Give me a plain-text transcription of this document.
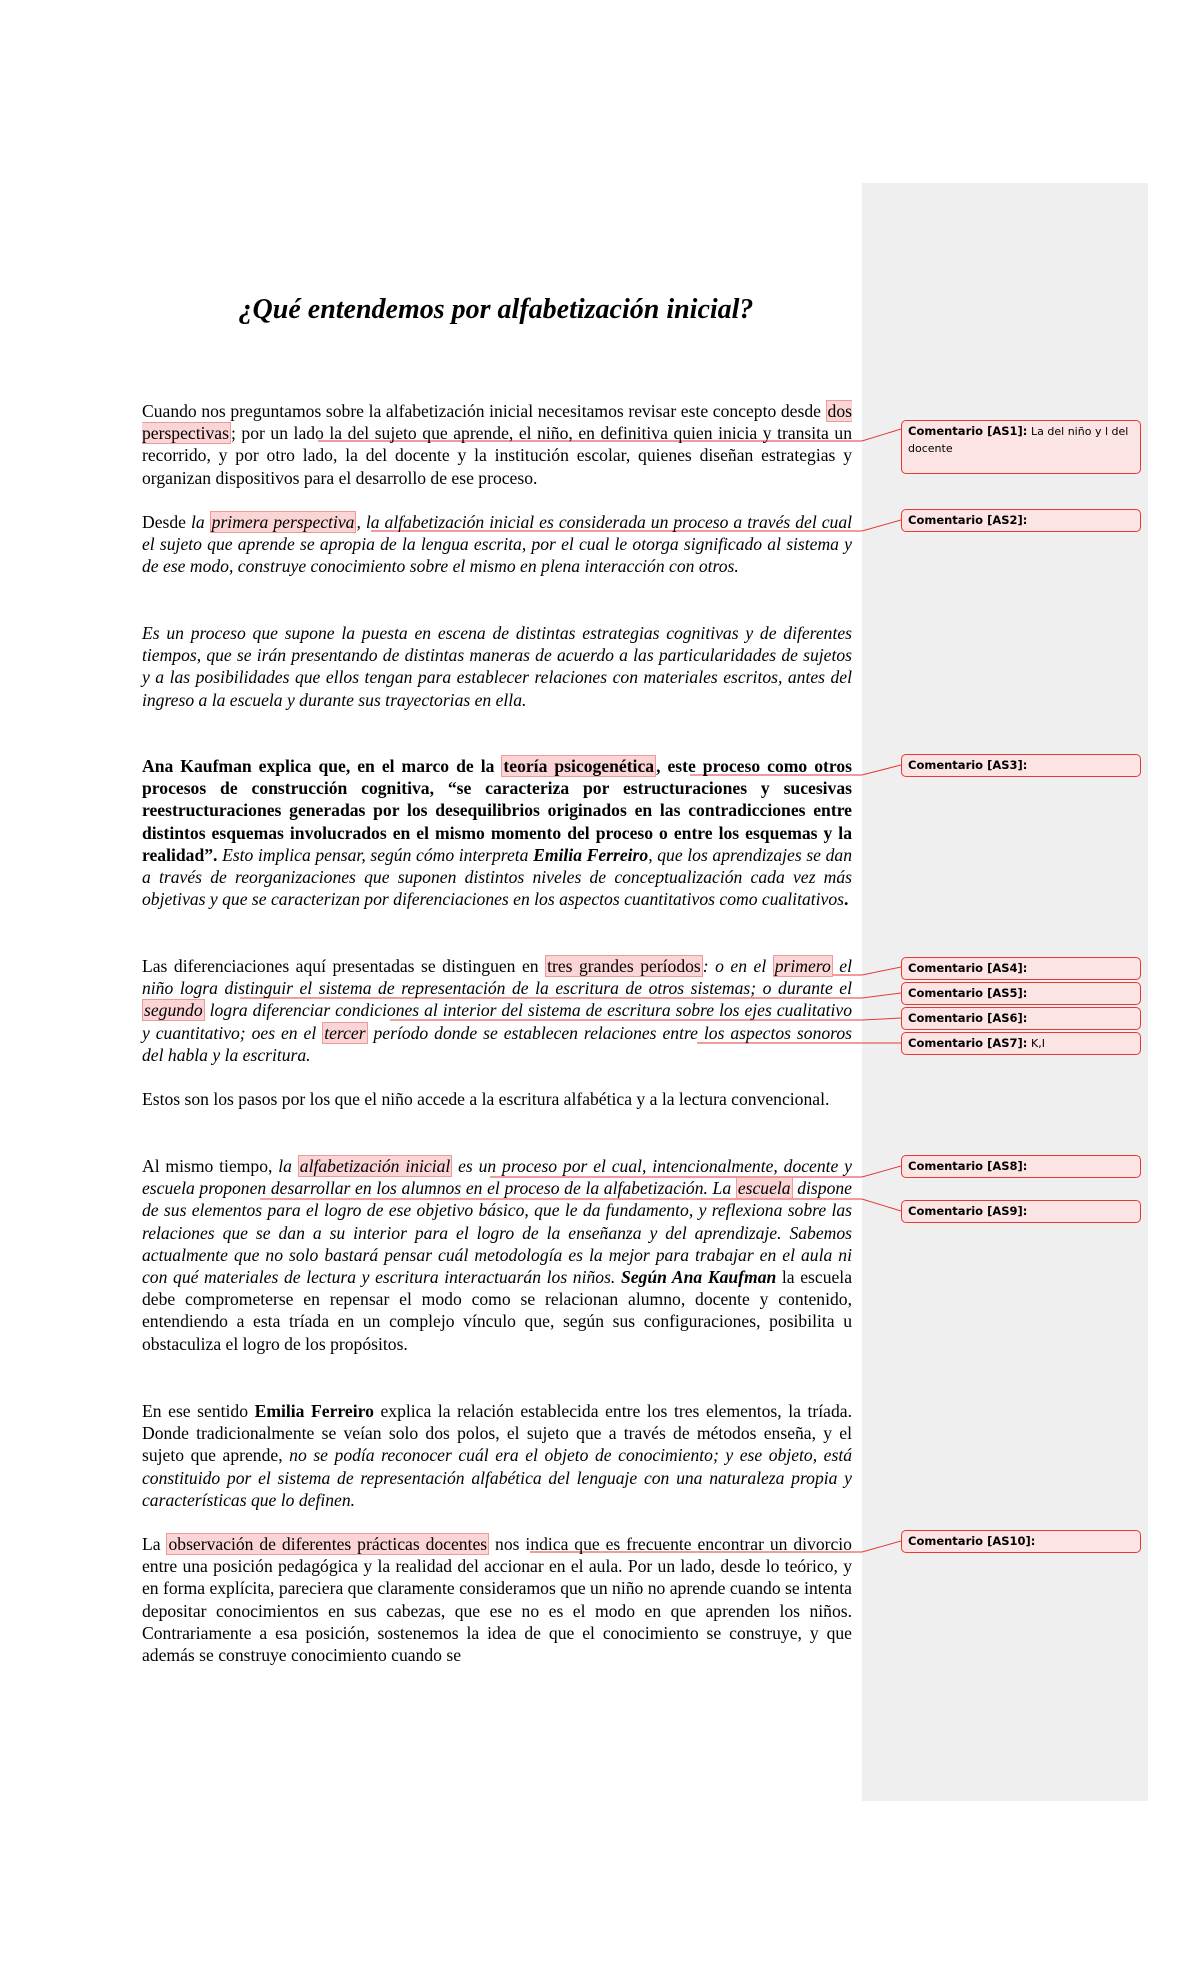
¿Qué entendemos por alfabetización inicial?

Cuando nos preguntamos sobre la alfabetización inicial necesitamos revisar este concepto desde dos perspectivas ; por un lado la del sujeto que aprende, el niño, en definitiva quien inicia y transita un recorrido, y por otro lado, la del docente y la institución escolar, quienes diseñan estrategias y organizan dispositivos para el desarrollo de ese proceso.

Desde la primera perspectiva , la alfabetización inicial es considerada un proceso a través del cual el sujeto que aprende se apropia de la lengua escrita, por el cual le otorga significado al sistema y de ese modo, construye conocimiento sobre el mismo en plena interacción con otros.

Es un proceso que supone la puesta en escena de distintas estrategias cognitivas y de diferentes tiempos, que se irán presentando de distintas maneras de acuerdo a las particularidades de sujetos y a las posibilidades que ellos tengan para establecer relaciones con materiales escritos, antes del ingreso a la escuela y durante sus trayectorias en ella.

Ana Kaufman explica que, en el marco de la teoría psicogenética , este proceso como otros procesos de construcción cognitiva, “se caracteriza por estructuraciones y sucesivas reestructuraciones generadas por los desequilibrios originados en las contradicciones entre distintos esquemas involucrados en el mismo momento del proceso o entre los esquemas y la realidad”. Esto implica pensar, según cómo interpreta Emilia Ferreiro, que los aprendizajes se dan a través de reorganizaciones que suponen distintos niveles de conceptualización cada vez más objetivas y que se caracterizan por diferenciaciones en los aspectos cuantitativos como cualitativos.

Las diferenciaciones aquí presentadas se distinguen en tres grandes períodos : o en el primero el niño logra distinguir el sistema de representación de la escritura de otros sistemas; o durante el segundo logra diferenciar condiciones al interior del sistema de escritura sobre los ejes cualitativo y cuantitativo; oes en el tercer período donde se establecen relaciones entre los aspectos sonoros del habla y la escritura.

Estos son los pasos por los que el niño accede a la escritura alfabética y a la lectura convencional.

Al mismo tiempo, la alfabetización inicial es un proceso por el cual, intencionalmente, docente y escuela proponen desarrollar en los alumnos en el proceso de la alfabetización. La escuela dispone de sus elementos para el logro de ese objetivo básico, que le da fundamento, y reflexiona sobre las relaciones que se dan a su interior para el logro de la enseñanza y del aprendizaje. Sabemos actualmente que no solo bastará pensar cuál metodología es la mejor para trabajar en el aula ni con qué materiales de lectura y escritura interactuarán los niños. Según Ana Kaufman la escuela debe comprometerse en repensar el modo como se relacionan alumno, docente y contenido, entendiendo a esta tríada en un complejo vínculo que, según sus configuraciones, posibilita u obstaculiza el logro de los propósitos.

En ese sentido Emilia Ferreiro explica la relación establecida entre los tres elementos, la tríada. Donde tradicionalmente se veían solo dos polos, el sujeto que a través de métodos enseña, y el sujeto que aprende, no se podía reconocer cuál era el objeto de conocimiento; y ese objeto, está constituido por el sistema de representación alfabética del lenguaje con una naturaleza propia y características que lo definen.

La observación de diferentes prácticas docentes nos indica que es frecuente encontrar un divorcio entre una posición pedagógica y la realidad del accionar en el aula. Por un lado, desde lo teórico, y en forma explícita, pareciera que claramente consideramos que un niño no aprende cuando se intenta depositar conocimientos en sus cabezas, que ese no es el modo en que aprenden los niños. Contrariamente a esa posición, sostenemos la idea de que el conocimiento se construye, y que además se construye conocimiento cuando se

Comentario [AS1]: La del niño y l del docente
Comentario [AS2]:
Comentario [AS3]:
Comentario [AS4]:
Comentario [AS5]:
Comentario [AS6]:
Comentario [AS7]: K,I
Comentario [AS8]:
Comentario [AS9]:
Comentario [AS10]:
